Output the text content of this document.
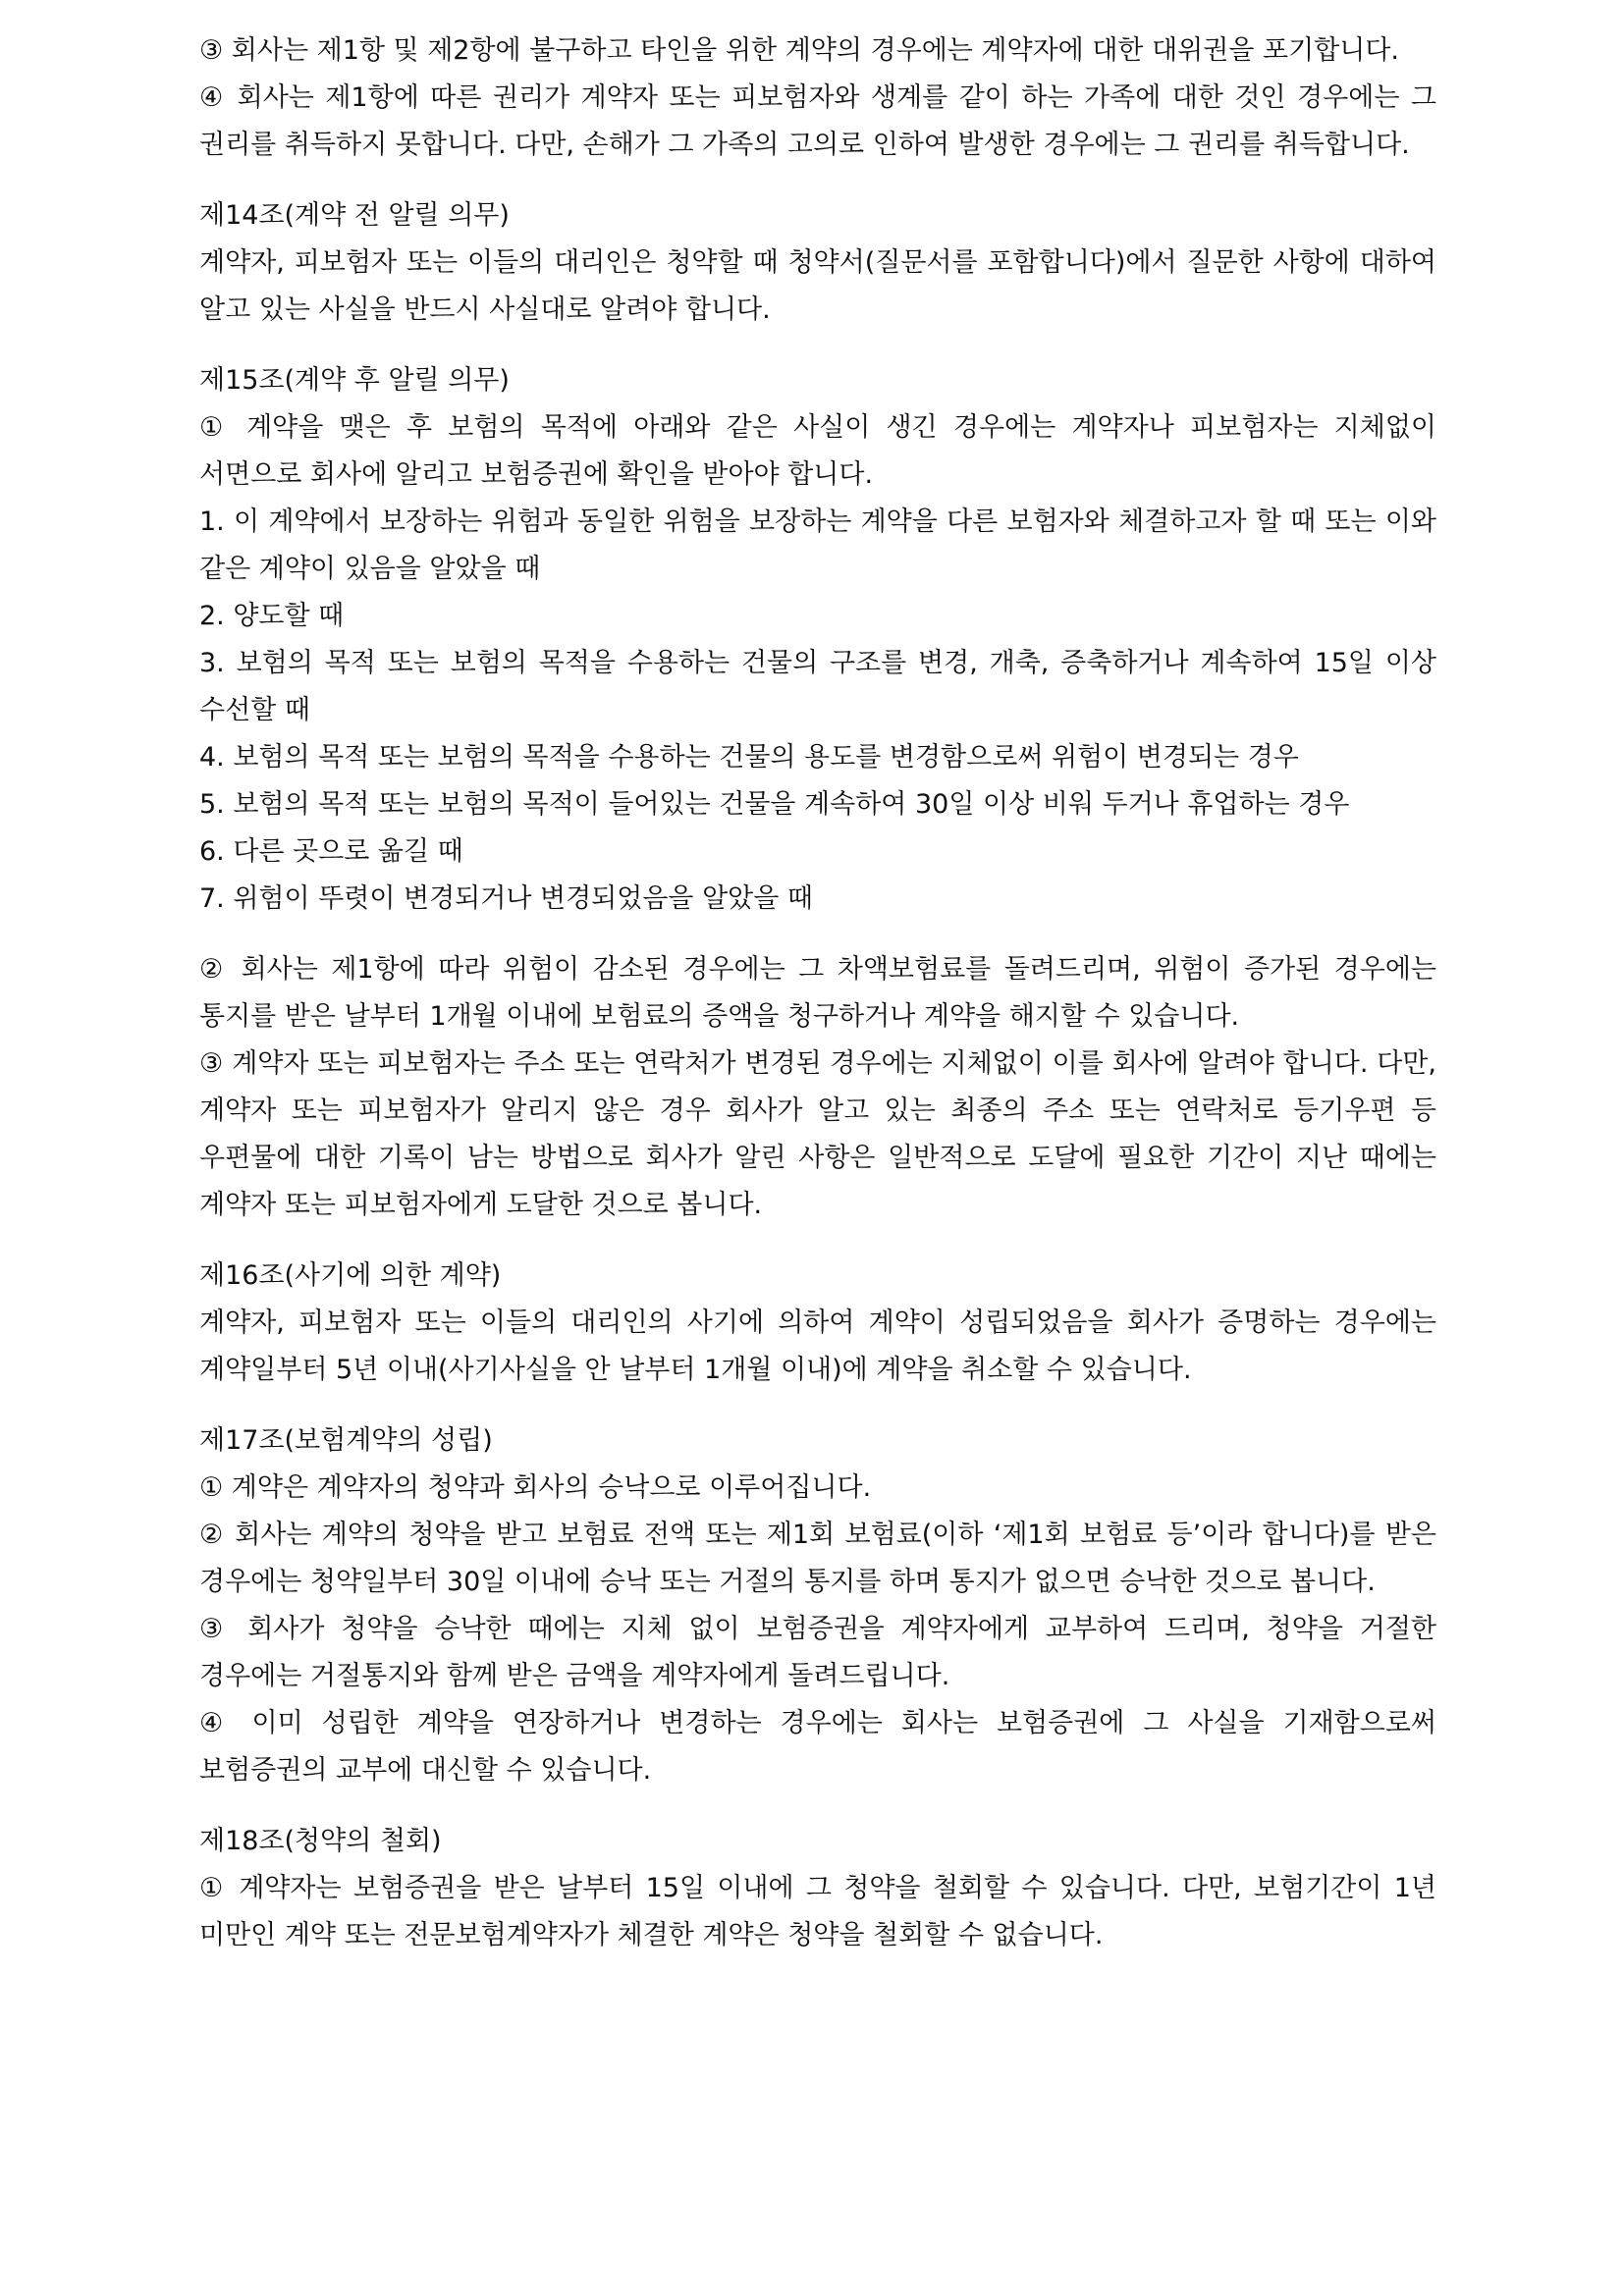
③ 회사는 제1항 및 제2항에 불구하고 타인을 위한 계약의 경우에는 계약자에 대한 대위권을 포기합니다.

④ 회사는 제1항에 따른 권리가 계약자 또는 피보험자와 생계를 같이 하는 가족에 대한 것인 경우에는 그 권리를 취득하지 못합니다. 다만, 손해가 그 가족의 고의로 인하여 발생한 경우에는 그 권리를 취득합니다.

제14조(계약 전 알릴 의무)

계약자, 피보험자 또는 이들의 대리인은 청약할 때 청약서(질문서를 포함합니다)에서 질문한 사항에 대하여 알고 있는 사실을 반드시 사실대로 알려야 합니다.

제15조(계약 후 알릴 의무)

① 계약을 맺은 후 보험의 목적에 아래와 같은 사실이 생긴 경우에는 계약자나 피보험자는 지체없이 서면으로 회사에 알리고 보험증권에 확인을 받아야 합니다.

1. 이 계약에서 보장하는 위험과 동일한 위험을 보장하는 계약을 다른 보험자와 체결하고자 할 때 또는 이와 같은 계약이 있음을 알았을 때

2. 양도할 때

3. 보험의 목적 또는 보험의 목적을 수용하는 건물의 구조를 변경, 개축, 증축하거나 계속하여 15일 이상 수선할 때

4. 보험의 목적 또는 보험의 목적을 수용하는 건물의 용도를 변경함으로써 위험이 변경되는 경우

5. 보험의 목적 또는 보험의 목적이 들어있는 건물을 계속하여 30일 이상 비워 두거나 휴업하는 경우

6. 다른 곳으로 옮길 때

7. 위험이 뚜렷이 변경되거나 변경되었음을 알았을 때

② 회사는 제1항에 따라 위험이 감소된 경우에는 그 차액보험료를 돌려드리며, 위험이 증가된 경우에는 통지를 받은 날부터 1개월 이내에 보험료의 증액을 청구하거나 계약을 해지할 수 있습니다.

③ 계약자 또는 피보험자는 주소 또는 연락처가 변경된 경우에는 지체없이 이를 회사에 알려야 합니다. 다만, 계약자 또는 피보험자가 알리지 않은 경우 회사가 알고 있는 최종의 주소 또는 연락처로 등기우편 등 우편물에 대한 기록이 남는 방법으로 회사가 알린 사항은 일반적으로 도달에 필요한 기간이 지난 때에는 계약자 또는 피보험자에게 도달한 것으로 봅니다.

제16조(사기에 의한 계약)

계약자, 피보험자 또는 이들의 대리인의 사기에 의하여 계약이 성립되었음을 회사가 증명하는 경우에는 계약일부터 5년 이내(사기사실을 안 날부터 1개월 이내)에 계약을 취소할 수 있습니다.

제17조(보험계약의 성립)

① 계약은 계약자의 청약과 회사의 승낙으로 이루어집니다.

② 회사는 계약의 청약을 받고 보험료 전액 또는 제1회 보험료(이하 ‘제1회 보험료 등’이라 합니다)를 받은 경우에는 청약일부터 30일 이내에 승낙 또는 거절의 통지를 하며 통지가 없으면 승낙한 것으로 봅니다.

③ 회사가 청약을 승낙한 때에는 지체 없이 보험증권을 계약자에게 교부하여 드리며, 청약을 거절한 경우에는 거절통지와 함께 받은 금액을 계약자에게 돌려드립니다.

④ 이미 성립한 계약을 연장하거나 변경하는 경우에는 회사는 보험증권에 그 사실을 기재함으로써 보험증권의 교부에 대신할 수 있습니다.

제18조(청약의 철회)

① 계약자는 보험증권을 받은 날부터 15일 이내에 그 청약을 철회할 수 있습니다. 다만, 보험기간이 1년 미만인 계약 또는 전문보험계약자가 체결한 계약은 청약을 철회할 수 없습니다.
